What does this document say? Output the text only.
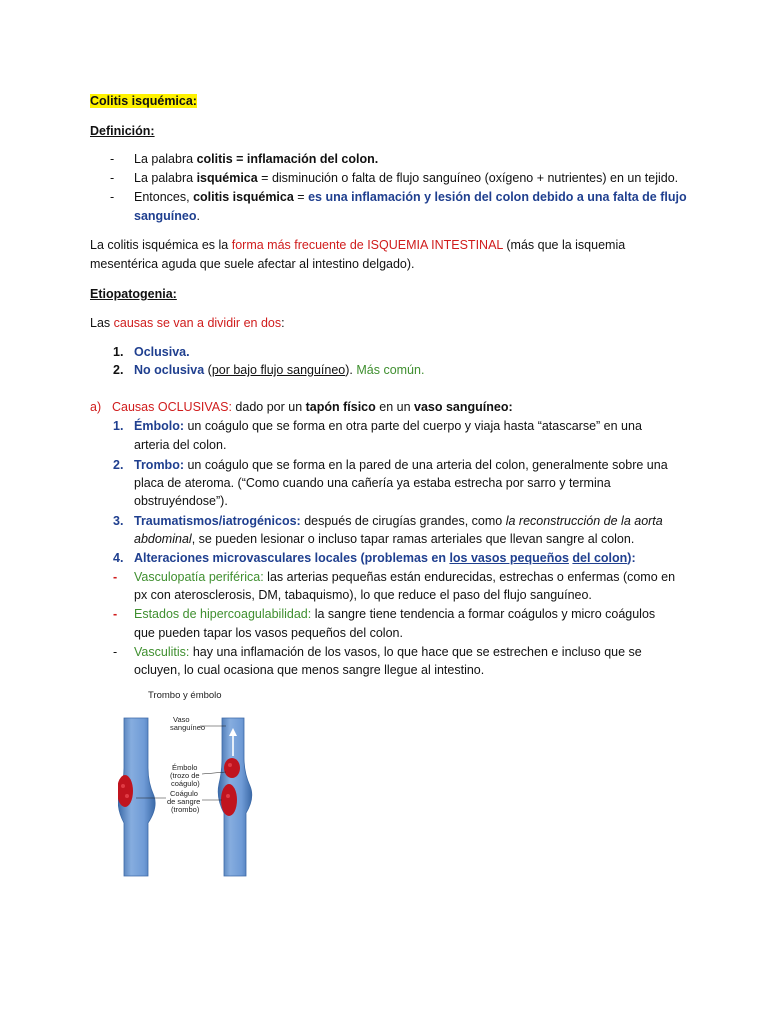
Colitis isquémica:
Definición:
- La palabra colitis = inflamación del colon.
- La palabra isquémica = disminución o falta de flujo sanguíneo (oxígeno + nutrientes) en un tejido.
- Entonces, colitis isquémica = es una inflamación y lesión del colon debido a una falta de flujo
sanguíneo.
La colitis isquémica es la forma más frecuente de ISQUEMIA INTESTINAL (más que la isquemia
mesentérica aguda que suele afectar al intestino delgado).
Etiopatogenia:
Las causas se van a dividir en dos:
1. Oclusiva.
2. No oclusiva (por bajo flujo sanguíneo). Más común.
a) Causas OCLUSIVAS: dado por un tapón físico en un vaso sanguíneo:
1. Émbolo: un coágulo que se forma en otra parte del cuerpo y viaja hasta “atascarse” en una
arteria del colon.
2. Trombo: un coágulo que se forma en la pared de una arteria del colon, generalmente sobre una
placa de ateroma. (“Como cuando una cañería ya estaba estrecha por sarro y termina
obstruyéndose”).
3. Traumatismos/iatrogénicos: después de cirugías grandes, como la reconstrucción de la aorta
abdominal, se pueden lesionar o incluso tapar ramas arteriales que llevan sangre al colon.
4. Alteraciones microvasculares locales (problemas en los vasos pequeños del colon):
- Vasculopatía periférica: las arterias pequeñas están endurecidas, estrechas o enfermas (como en
px con aterosclerosis, DM, tabaquismo), lo que reduce el paso del flujo sanguíneo.
- Estados de hipercoagulabilidad: la sangre tiene tendencia a formar coágulos y micro coágulos
que pueden tapar los vasos pequeños del colon.
- Vasculitis: hay una inflamación de los vasos, lo que hace que se estrechen e incluso que se
ocluyen, lo cual ocasiona que menos sangre llegue al intestino.
Trombo y émbolo
Vaso
sanguíneo
Émbolo
(trozo de
coágulo)
Coágulo
de sangre
(trombo)
